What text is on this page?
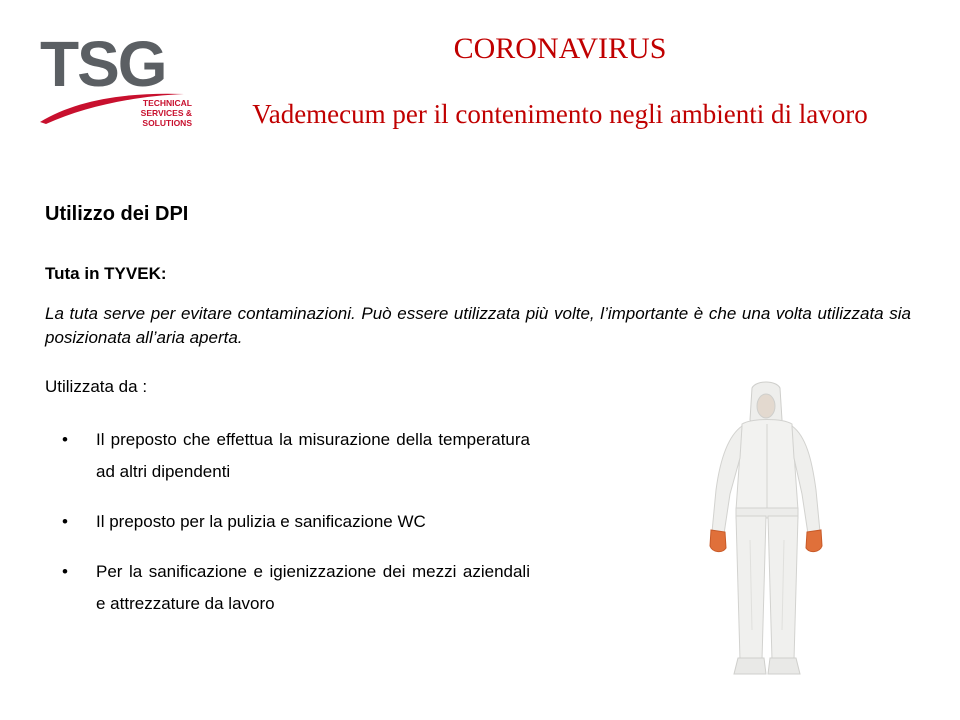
TSG
TECHNICAL
SERVICES & SOLUTIONS
CORONAVIRUS
Vademecum per il contenimento negli ambienti di lavoro
Utilizzo dei DPI
Tuta in TYVEK:
La tuta serve per evitare contaminazioni. Può essere utilizzata più volte, l’importante è che una volta utilizzata sia posizionata all’aria aperta.
Utilizzata da :
• Il preposto che effettua la misurazione della temperatura ad altri dipendenti
• Il preposto per la pulizia e sanificazione WC
• Per la sanificazione e igienizzazione dei mezzi aziendali e attrezzature da lavoro
